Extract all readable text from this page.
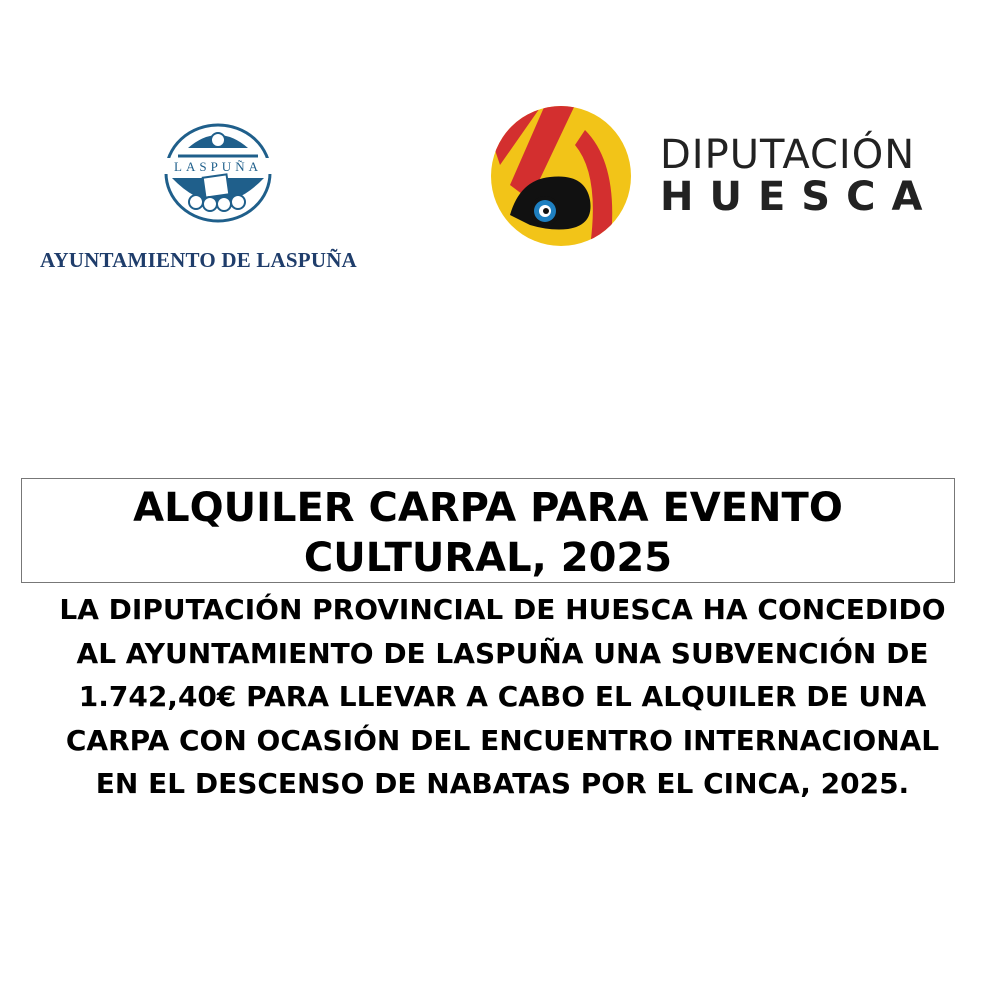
LASPUÑA
AYUNTAMIENTO DE LASPUÑA
DIPUTACIÓN
HUESCA
ALQUILER CARPA PARA EVENTO CULTURAL, 2025
LA DIPUTACIÓN PROVINCIAL DE HUESCA HA CONCEDIDO
AL AYUNTAMIENTO DE LASPUÑA UNA SUBVENCIÓN DE
1.742,40€ PARA LLEVAR A CABO EL ALQUILER DE UNA
CARPA CON OCASIÓN DEL ENCUENTRO INTERNACIONAL
EN EL DESCENSO DE NABATAS POR EL CINCA, 2025.
